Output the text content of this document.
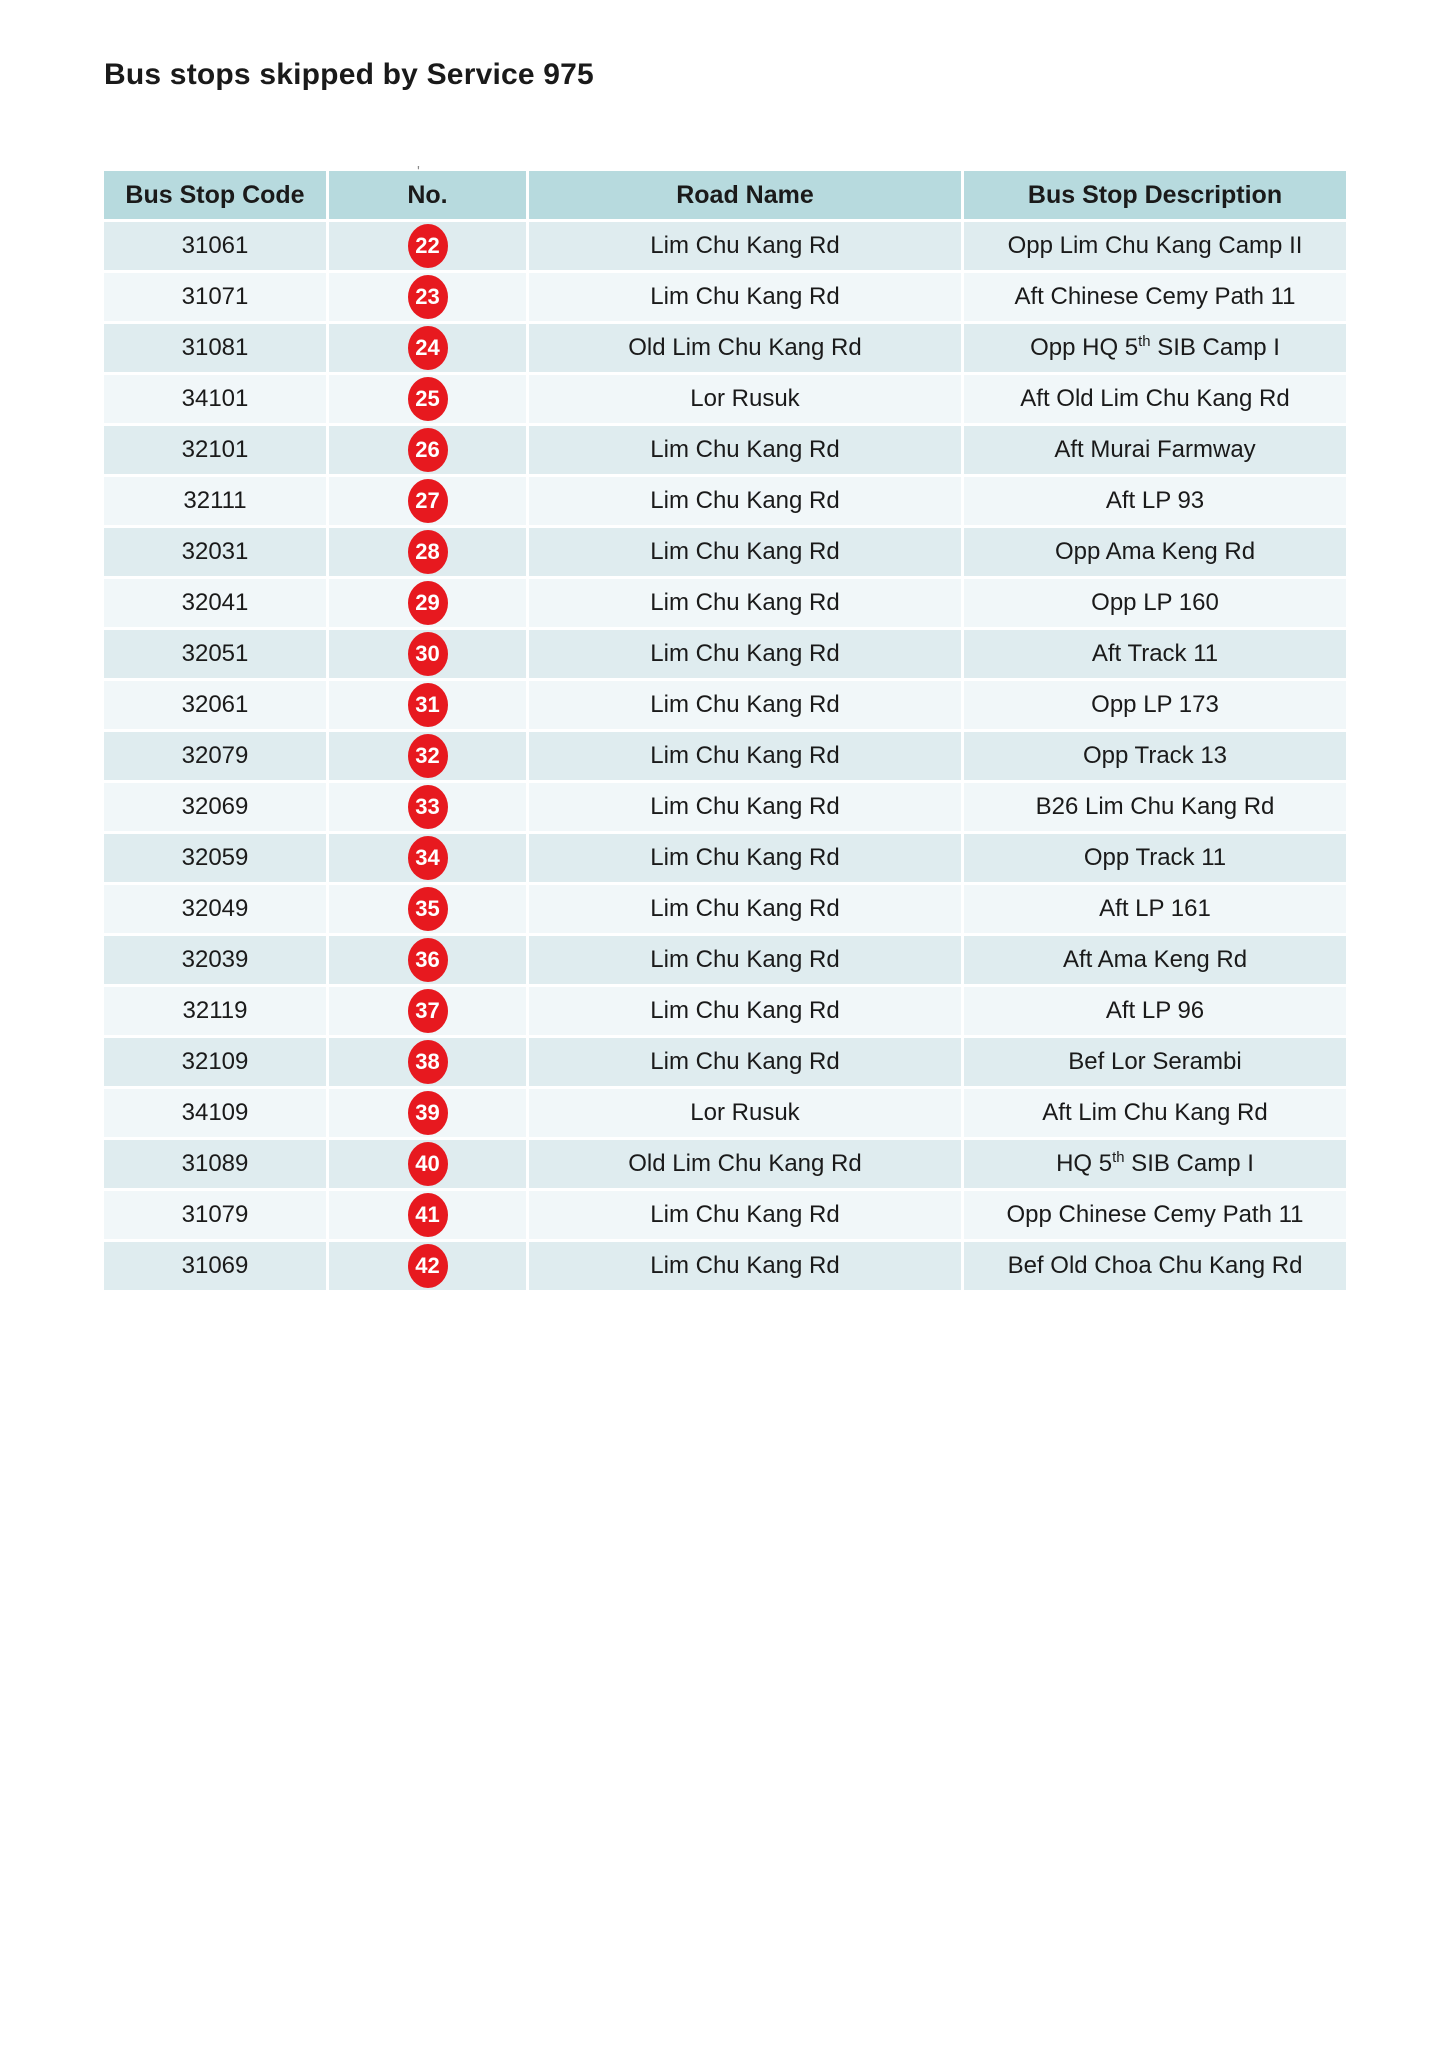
Bus stops skipped by Service 975
Bus Stop Code	No.	Road Name	Bus Stop Description
31061	22	Lim Chu Kang Rd	Opp Lim Chu Kang Camp II
31071	23	Lim Chu Kang Rd	Aft Chinese Cemy Path 11
31081	24	Old Lim Chu Kang Rd	Opp HQ 5th SIB Camp I
34101	25	Lor Rusuk	Aft Old Lim Chu Kang Rd
32101	26	Lim Chu Kang Rd	Aft Murai Farmway
32111	27	Lim Chu Kang Rd	Aft LP 93
32031	28	Lim Chu Kang Rd	Opp Ama Keng Rd
32041	29	Lim Chu Kang Rd	Opp LP 160
32051	30	Lim Chu Kang Rd	Aft Track 11
32061	31	Lim Chu Kang Rd	Opp LP 173
32079	32	Lim Chu Kang Rd	Opp Track 13
32069	33	Lim Chu Kang Rd	B26 Lim Chu Kang Rd
32059	34	Lim Chu Kang Rd	Opp Track 11
32049	35	Lim Chu Kang Rd	Aft LP 161
32039	36	Lim Chu Kang Rd	Aft Ama Keng Rd
32119	37	Lim Chu Kang Rd	Aft LP 96
32109	38	Lim Chu Kang Rd	Bef Lor Serambi
34109	39	Lor Rusuk	Aft Lim Chu Kang Rd
31089	40	Old Lim Chu Kang Rd	HQ 5th SIB Camp I
31079	41	Lim Chu Kang Rd	Opp Chinese Cemy Path 11
31069	42	Lim Chu Kang Rd	Bef Old Choa Chu Kang Rd
